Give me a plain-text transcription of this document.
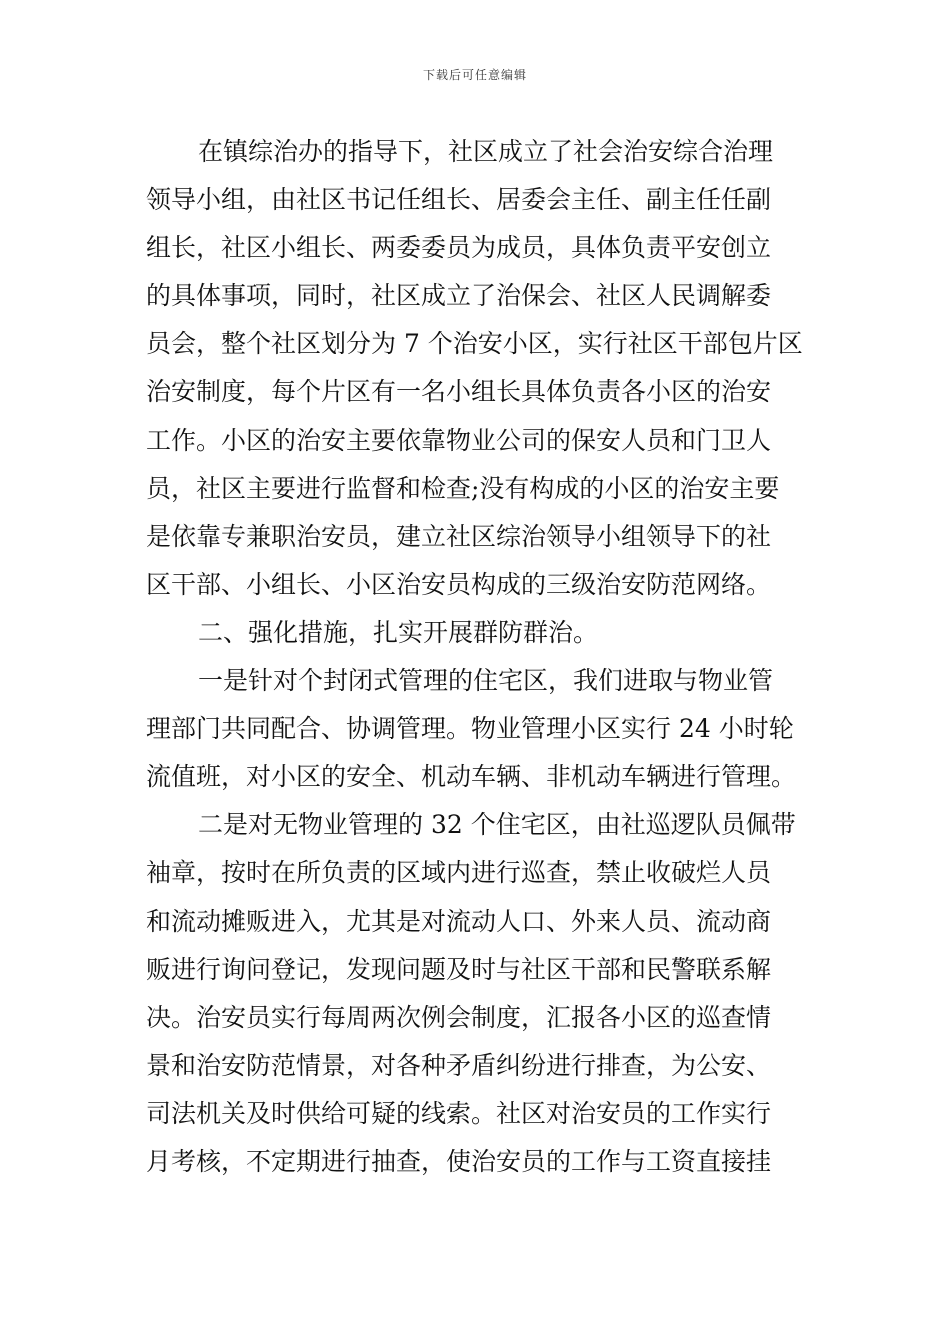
下载后可任意编辑
在镇综治办的指导下，社区成立了社会治安综合治理
领导小组，由社区书记任组长、居委会主任、副主任任副
组长，社区小组长、两委委员为成员，具体负责平安创立
的具体事项，同时，社区成立了治保会、社区人民调解委
员会，整个社区划分为 7 个治安小区，实行社区干部包片区
治安制度，每个片区有一名小组长具体负责各小区的治安
工作。小区的治安主要依靠物业公司的保安人员和门卫人
员，社区主要进行监督和检查;没有构成的小区的治安主要
是依靠专兼职治安员，建立社区综治领导小组领导下的社
区干部、小组长、小区治安员构成的三级治安防范网络。
二、强化措施，扎实开展群防群治。
一是针对个封闭式管理的住宅区，我们进取与物业管
理部门共同配合、协调管理。物业管理小区实行 24 小时轮
流值班，对小区的安全、机动车辆、非机动车辆进行管理。
二是对无物业管理的 32 个住宅区，由社巡逻队员佩带
袖章，按时在所负责的区域内进行巡查，禁止收破烂人员
和流动摊贩进入，尤其是对流动人口、外来人员、流动商
贩进行询问登记，发现问题及时与社区干部和民警联系解
决。治安员实行每周两次例会制度，汇报各小区的巡查情
景和治安防范情景，对各种矛盾纠纷进行排查，为公安、
司法机关及时供给可疑的线索。社区对治安员的工作实行
月考核，不定期进行抽查，使治安员的工作与工资直接挂
